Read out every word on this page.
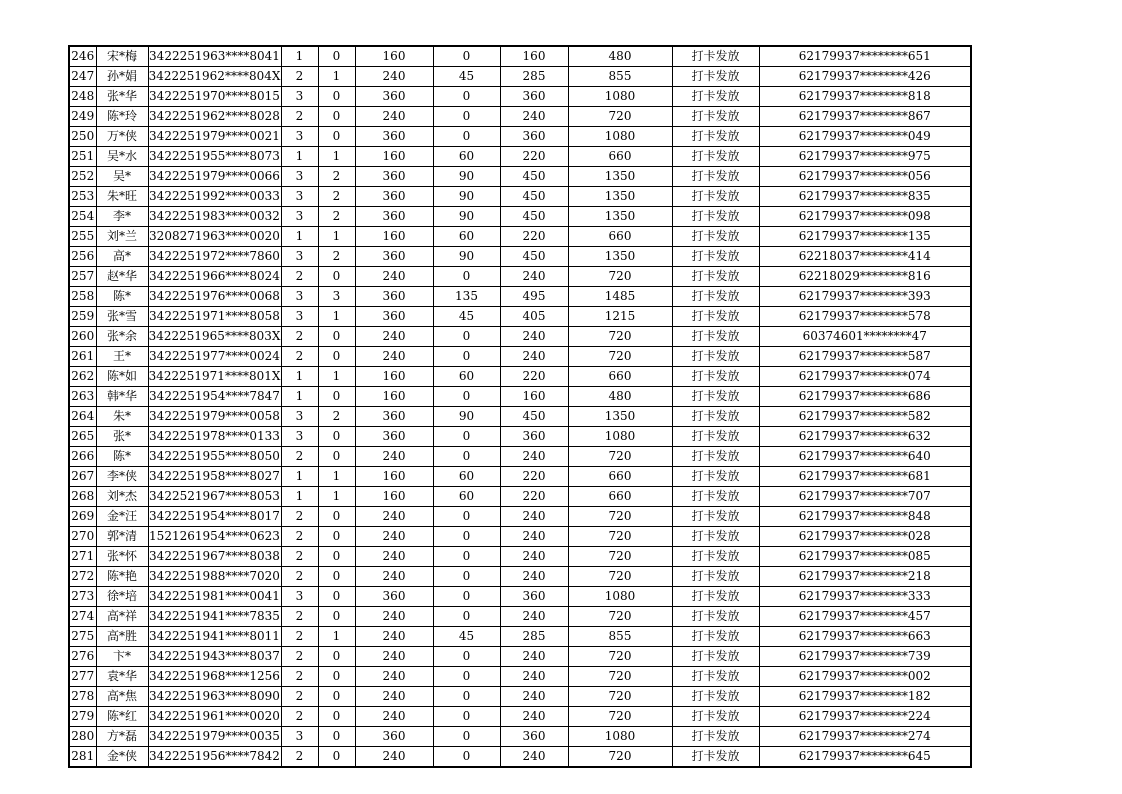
246	宋*梅	3422251963****8041	1	0	160	0	160	480	打卡发放	62179937********651
247	孙*娟	3422251962****804X	2	1	240	45	285	855	打卡发放	62179937********426
248	张*华	3422251970****8015	3	0	360	0	360	1080	打卡发放	62179937********818
249	陈*玲	3422251962****8028	2	0	240	0	240	720	打卡发放	62179937********867
250	万*侠	3422251979****0021	3	0	360	0	360	1080	打卡发放	62179937********049
251	吴*水	3422251955****8073	1	1	160	60	220	660	打卡发放	62179937********975
252	吴*	3422251979****0066	3	2	360	90	450	1350	打卡发放	62179937********056
253	朱*旺	3422251992****0033	3	2	360	90	450	1350	打卡发放	62179937********835
254	李*	3422251983****0032	3	2	360	90	450	1350	打卡发放	62179937********098
255	刘*兰	3208271963****0020	1	1	160	60	220	660	打卡发放	62179937********135
256	高*	3422251972****7860	3	2	360	90	450	1350	打卡发放	62218037********414
257	赵*华	3422251966****8024	2	0	240	0	240	720	打卡发放	62218029********816
258	陈*	3422251976****0068	3	3	360	135	495	1485	打卡发放	62179937********393
259	张*雪	3422251971****8058	3	1	360	45	405	1215	打卡发放	62179937********578
260	张*余	3422251965****803X	2	0	240	0	240	720	打卡发放	60374601********47
261	王*	3422251977****0024	2	0	240	0	240	720	打卡发放	62179937********587
262	陈*如	3422251971****801X	1	1	160	60	220	660	打卡发放	62179937********074
263	韩*华	3422251954****7847	1	0	160	0	160	480	打卡发放	62179937********686
264	朱*	3422251979****0058	3	2	360	90	450	1350	打卡发放	62179937********582
265	张*	3422251978****0133	3	0	360	0	360	1080	打卡发放	62179937********632
266	陈*	3422251955****8050	2	0	240	0	240	720	打卡发放	62179937********640
267	李*侠	3422251958****8027	1	1	160	60	220	660	打卡发放	62179937********681
268	刘*杰	3422521967****8053	1	1	160	60	220	660	打卡发放	62179937********707
269	金*汪	3422251954****8017	2	0	240	0	240	720	打卡发放	62179937********848
270	郭*清	1521261954****0623	2	0	240	0	240	720	打卡发放	62179937********028
271	张*怀	3422251967****8038	2	0	240	0	240	720	打卡发放	62179937********085
272	陈*艳	3422251988****7020	2	0	240	0	240	720	打卡发放	62179937********218
273	徐*培	3422251981****0041	3	0	360	0	360	1080	打卡发放	62179937********333
274	高*祥	3422251941****7835	2	0	240	0	240	720	打卡发放	62179937********457
275	高*胜	3422251941****8011	2	1	240	45	285	855	打卡发放	62179937********663
276	卞*	3422251943****8037	2	0	240	0	240	720	打卡发放	62179937********739
277	袁*华	3422251968****1256	2	0	240	0	240	720	打卡发放	62179937********002
278	高*焦	3422251963****8090	2	0	240	0	240	720	打卡发放	62179937********182
279	陈*红	3422251961****0020	2	0	240	0	240	720	打卡发放	62179937********224
280	方*磊	3422251979****0035	3	0	360	0	360	1080	打卡发放	62179937********274
281	金*侠	3422251956****7842	2	0	240	0	240	720	打卡发放	62179937********645
